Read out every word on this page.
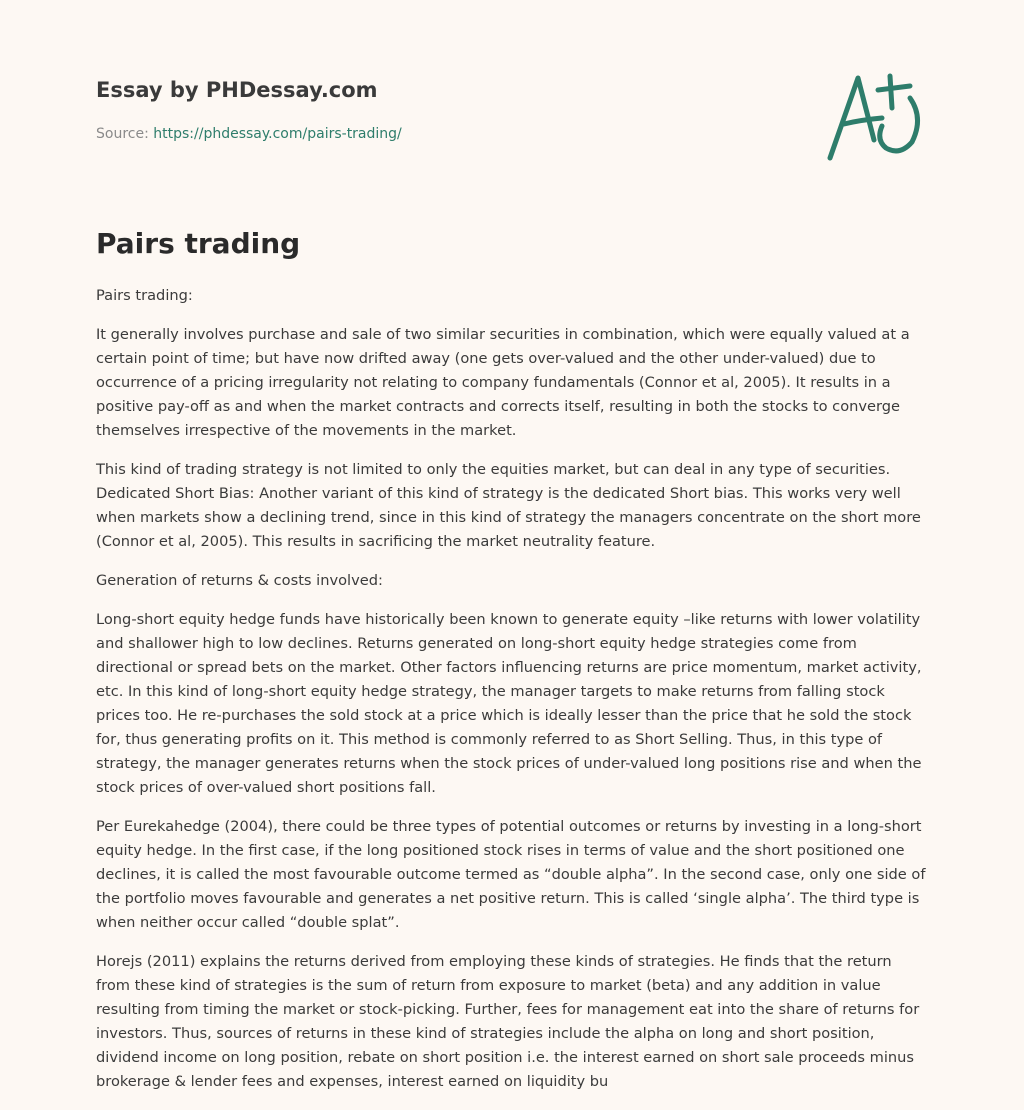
Essay by PHDessay.com
Source: https://phdessay.com/pairs-trading/
Pairs trading

Pairs trading:

It generally involves purchase and sale of two similar securities in combination, which were equally valued at a certain point of time; but have now drifted away (one gets over-valued and the other under-valued) due to occurrence of a pricing irregularity not relating to company fundamentals (Connor et al, 2005). It results in a positive pay-off as and when the market contracts and corrects itself, resulting in both the stocks to converge themselves irrespective of the movements in the market.

This kind of trading strategy is not limited to only the equities market, but can deal in any type of securities. Dedicated Short Bias: Another variant of this kind of strategy is the dedicated Short bias. This works very well when markets show a declining trend, since in this kind of strategy the managers concentrate on the short more (Connor et al, 2005). This results in sacrificing the market neutrality feature.

Generation of returns & costs involved:

Long-short equity hedge funds have historically been known to generate equity –like returns with lower volatility and shallower high to low declines. Returns generated on long-short equity hedge strategies come from directional or spread bets on the market. Other factors influencing returns are price momentum, market activity, etc. In this kind of long-short equity hedge strategy, the manager targets to make returns from falling stock prices too. He re-purchases the sold stock at a price which is ideally lesser than the price that he sold the stock for, thus generating profits on it. This method is commonly referred to as Short Selling. Thus, in this type of strategy, the manager generates returns when the stock prices of under-valued long positions rise and when the stock prices of over-valued short positions fall.

Per Eurekahedge (2004), there could be three types of potential outcomes or returns by investing in a long-short equity hedge. In the first case, if the long positioned stock rises in terms of value and the short positioned one declines, it is called the most favourable outcome termed as “double alpha”. In the second case, only one side of the portfolio moves favourable and generates a net positive return. This is called ‘single alpha’. The third type is when neither occur called “double splat”.

Horejs (2011) explains the returns derived from employing these kinds of strategies. He finds that the return from these kind of strategies is the sum of return from exposure to market (beta) and any addition in value resulting from timing the market or stock-picking. Further, fees for management eat into the share of returns for investors. Thus, sources of returns in these kind of strategies include the alpha on long and short position, dividend income on long position, rebate on short position i.e. the interest earned on short sale proceeds minus brokerage & lender fees and expenses, interest earned on liquidity bu
